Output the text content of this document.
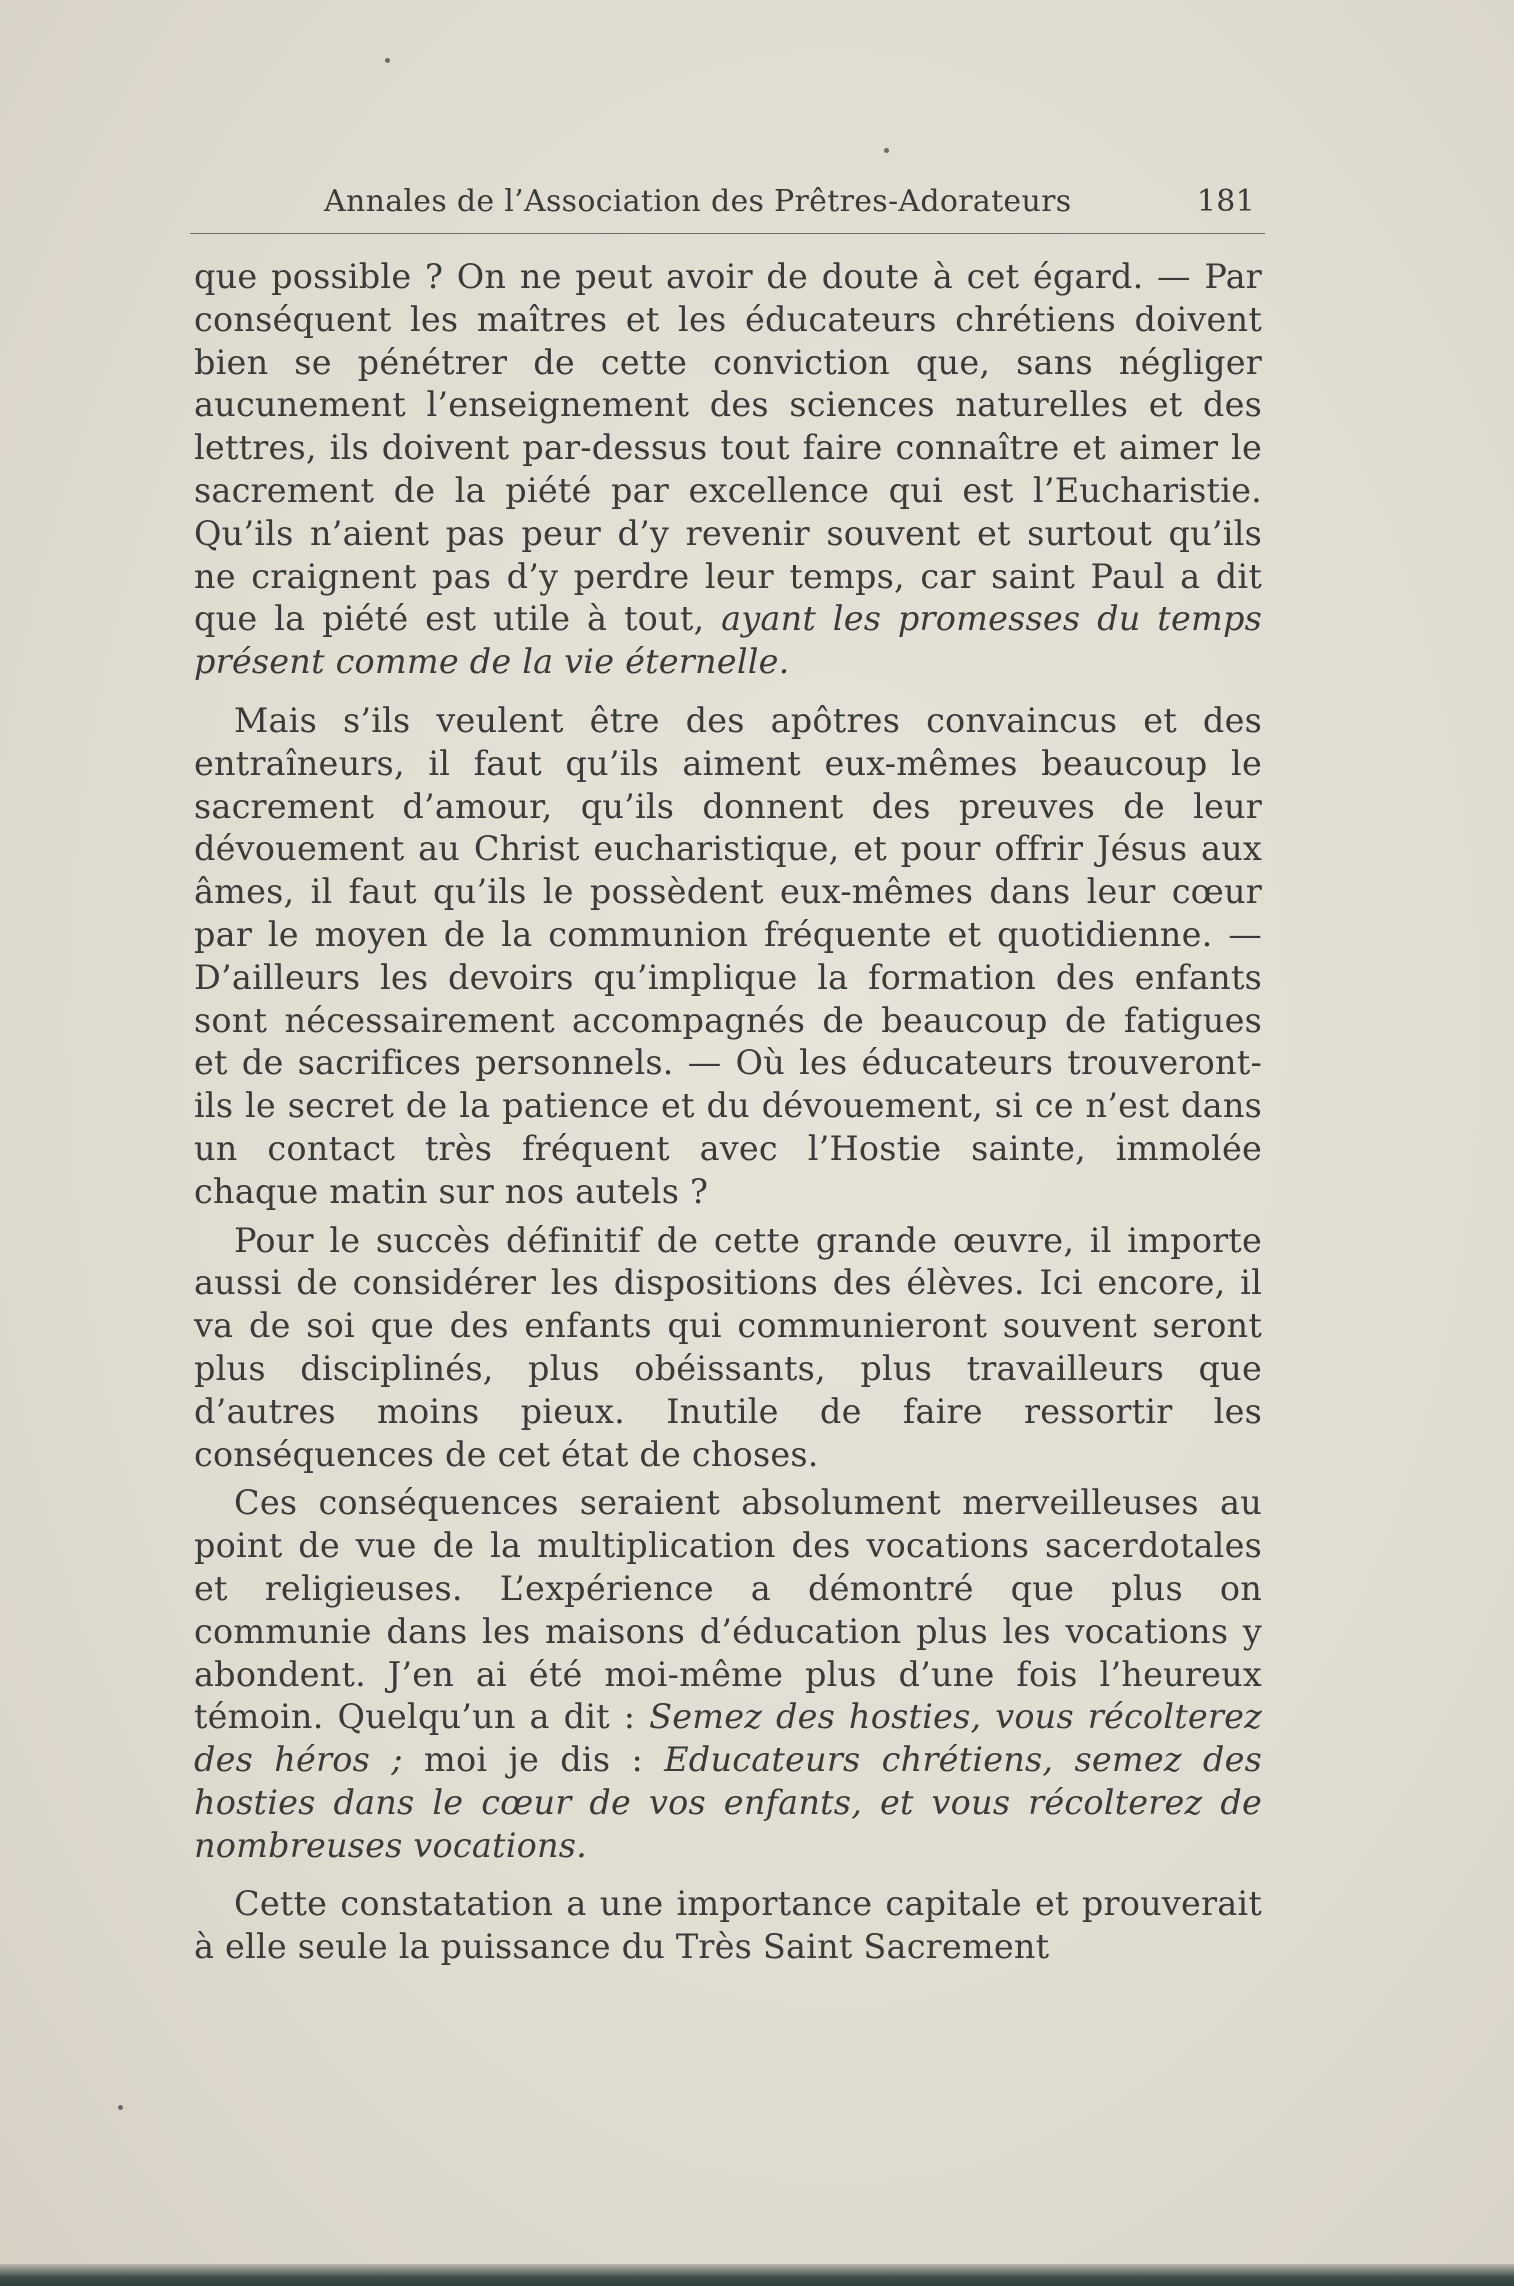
Annales de l’Association des Prêtres-Adorateurs	181

que possible ? On ne peut avoir de doute à cet égard. — Par conséquent les maîtres et les éducateurs chrétiens doivent bien se pénétrer de cette conviction que, sans négliger aucunement l’enseignement des sciences naturelles et des lettres, ils doivent par-dessus tout faire connaître et aimer le sacrement de la piété par excellence qui est l’Eucharistie. Qu’ils n’aient pas peur d’y revenir souvent et surtout qu’ils ne craignent pas d’y perdre leur temps, car saint Paul a dit que la piété est utile à tout, ayant les promesses du temps présent comme de la vie éternelle.

Mais s’ils veulent être des apôtres convaincus et des entraîneurs, il faut qu’ils aiment eux-mêmes beaucoup le sacrement d’amour, qu’ils donnent des preuves de leur dévouement au Christ eucharistique, et pour offrir Jésus aux âmes, il faut qu’ils le possèdent eux-mêmes dans leur cœur par le moyen de la communion fréquente et quotidienne. — D’ailleurs les devoirs qu’implique la formation des enfants sont nécessairement accompagnés de beaucoup de fatigues et de sacrifices personnels. — Où les éducateurs trouveront-ils le secret de la patience et du dévouement, si ce n’est dans un contact très fréquent avec l’Hostie sainte, immolée chaque matin sur nos autels ?

Pour le succès définitif de cette grande œuvre, il importe aussi de considérer les dispositions des élèves. Ici encore, il va de soi que des enfants qui communieront souvent seront plus disciplinés, plus obéissants, plus travailleurs que d’autres moins pieux. Inutile de faire ressortir les conséquences de cet état de choses.

Ces conséquences seraient absolument merveilleuses au point de vue de la multiplication des vocations sacerdotales et religieuses. L’expérience a démontré que plus on communie dans les maisons d’éducation plus les vocations y abondent. J’en ai été moi-même plus d’une fois l’heureux témoin. Quelqu’un a dit : Semez des hosties, vous récolterez des héros ; moi je dis : Educateurs chrétiens, semez des hosties dans le cœur de vos enfants, et vous récolterez de nombreuses vocations.

Cette constatation a une importance capitale et prouverait à elle seule la puissance du Très Saint Sacrement
